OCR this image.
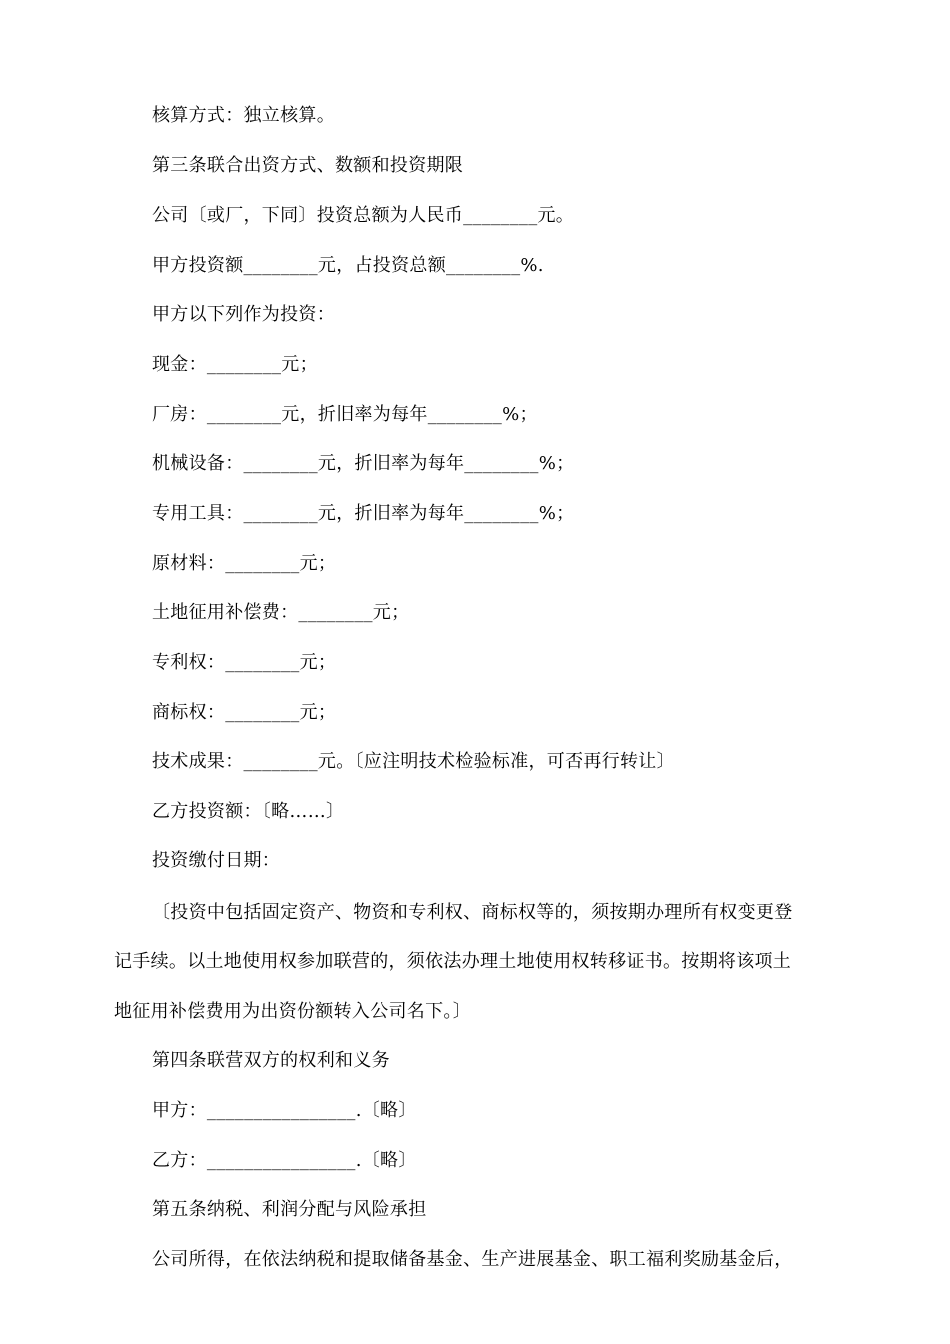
核算方式：独立核算。
第三条联合出资方式、数额和投资期限
公司〔或厂，下同〕投资总额为人民币________元。
甲方投资额________元，占投资总额________%.
甲方以下列作为投资：
现金：________元；
厂房：________元，折旧率为每年________%；
机械设备：________元，折旧率为每年________%；
专用工具：________元，折旧率为每年________%；
原材料：________元；
土地征用补偿费：________元；
专利权：________元；
商标权：________元；
技术成果：________元。〔应注明技术检验标准，可否再行转让〕
乙方投资额：〔略……〕
投资缴付日期：
〔投资中包括固定资产、物资和专利权、商标权等的，须按期办理所有权变更登
记手续。以土地使用权参加联营的，须依法办理土地使用权转移证书。按期将该项土
地征用补偿费用为出资份额转入公司名下。〕
第四条联营双方的权利和义务
甲方：________________.〔略〕
乙方：________________.〔略〕
第五条纳税、利润分配与风险承担
公司所得，在依法纳税和提取储备基金、生产进展基金、职工福利奖励基金后，
